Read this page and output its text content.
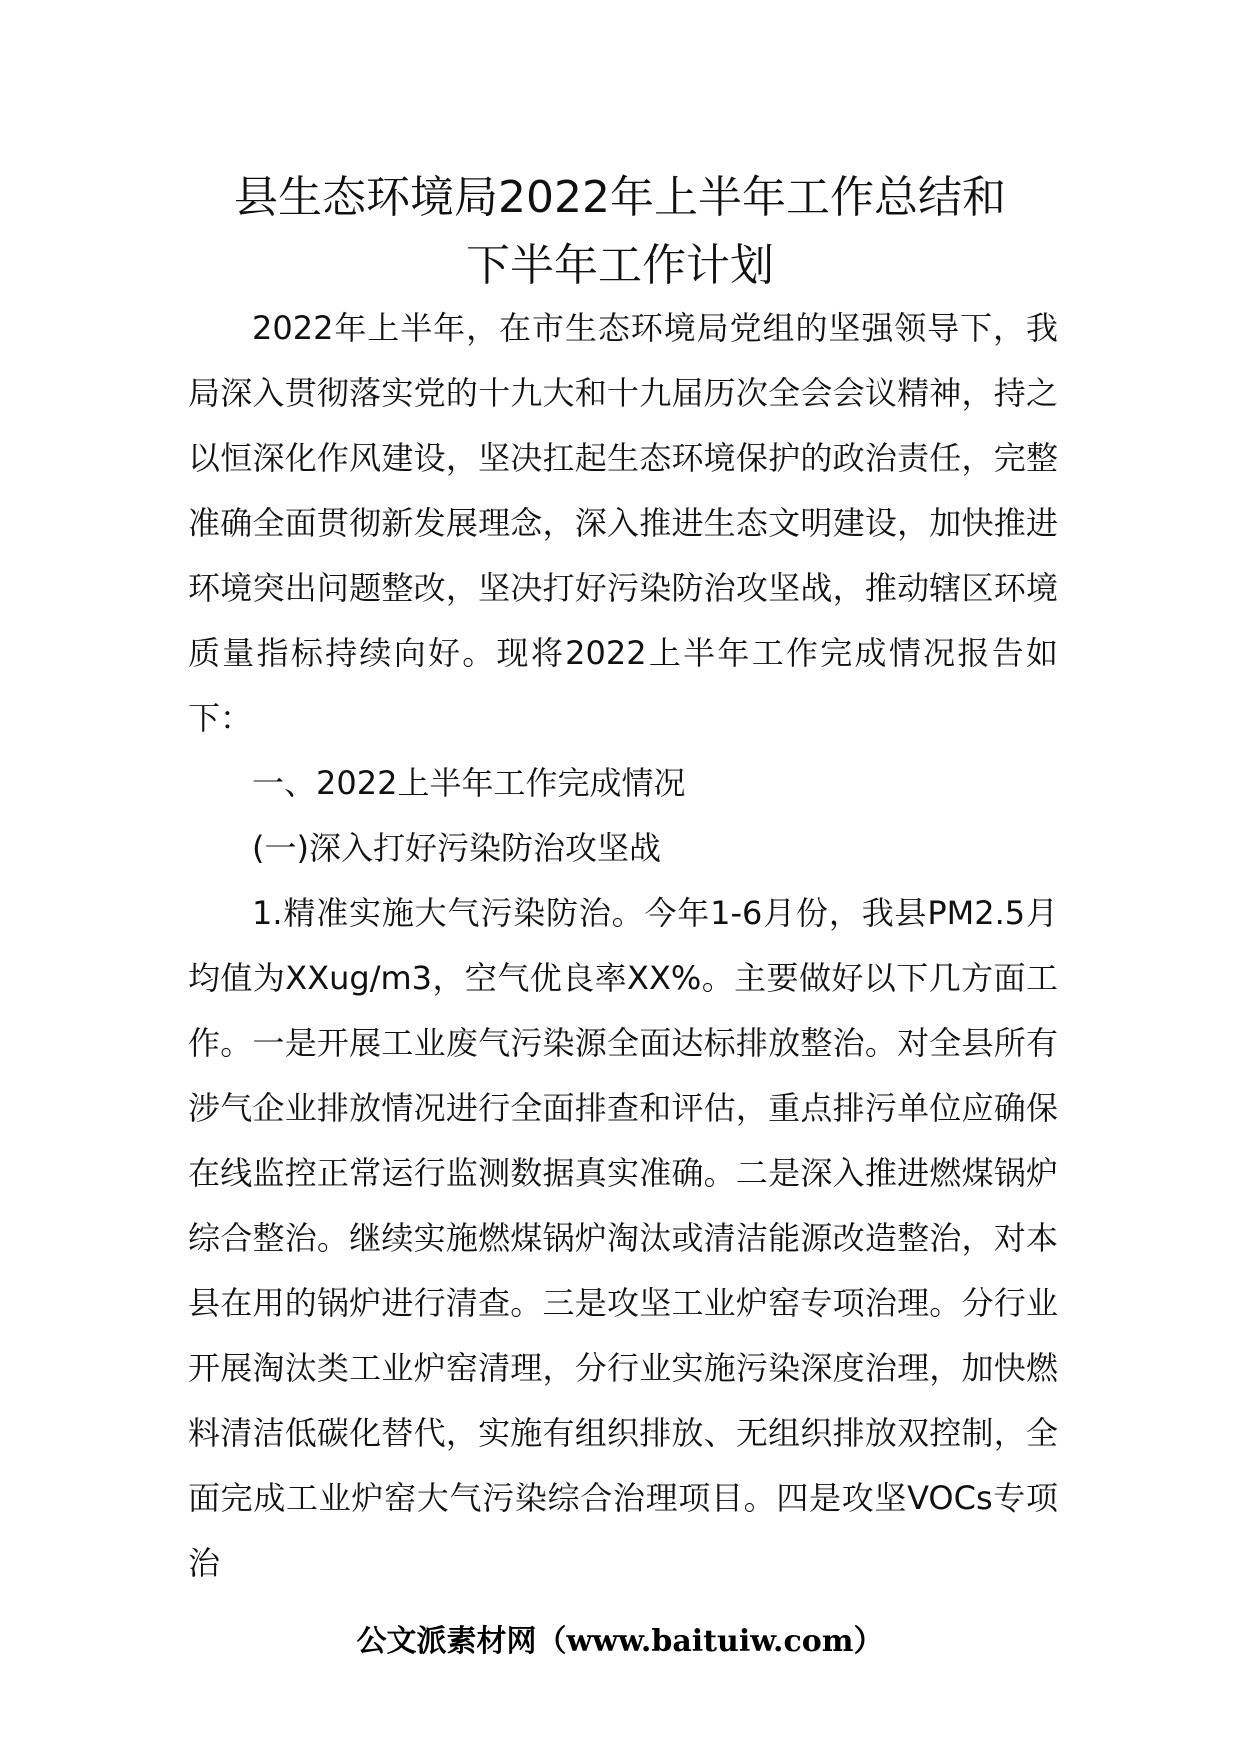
县生态环境局2022年上半年工作总结和
下半年工作计划

2022年上半年，在市生态环境局党组的坚强领导下，我局深入贯彻落实党的十九大和十九届历次全会会议精神，持之以恒深化作风建设，坚决扛起生态环境保护的政治责任，完整准确全面贯彻新发展理念，深入推进生态文明建设，加快推进环境突出问题整改，坚决打好污染防治攻坚战，推动辖区环境质量指标持续向好。现将2022上半年工作完成情况报告如下：

一、2022上半年工作完成情况

(一)深入打好污染防治攻坚战

1.精准实施大气污染防治。今年1-6月份，我县PM2.5月均值为XXug/m3，空气优良率XX%。主要做好以下几方面工作。一是开展工业废气污染源全面达标排放整治。对全县所有涉气企业排放情况进行全面排查和评估，重点排污单位应确保在线监控正常运行监测数据真实准确。二是深入推进燃煤锅炉综合整治。继续实施燃煤锅炉淘汰或清洁能源改造整治，对本县在用的锅炉进行清查。三是攻坚工业炉窑专项治理。分行业开展淘汰类工业炉窑清理，分行业实施污染深度治理，加快燃料清洁低碳化替代，实施有组织排放、无组织排放双控制，全面完成工业炉窑大气污染综合治理项目。四是攻坚VOCs专项治

公文派素材网（www.baituiw.com）
